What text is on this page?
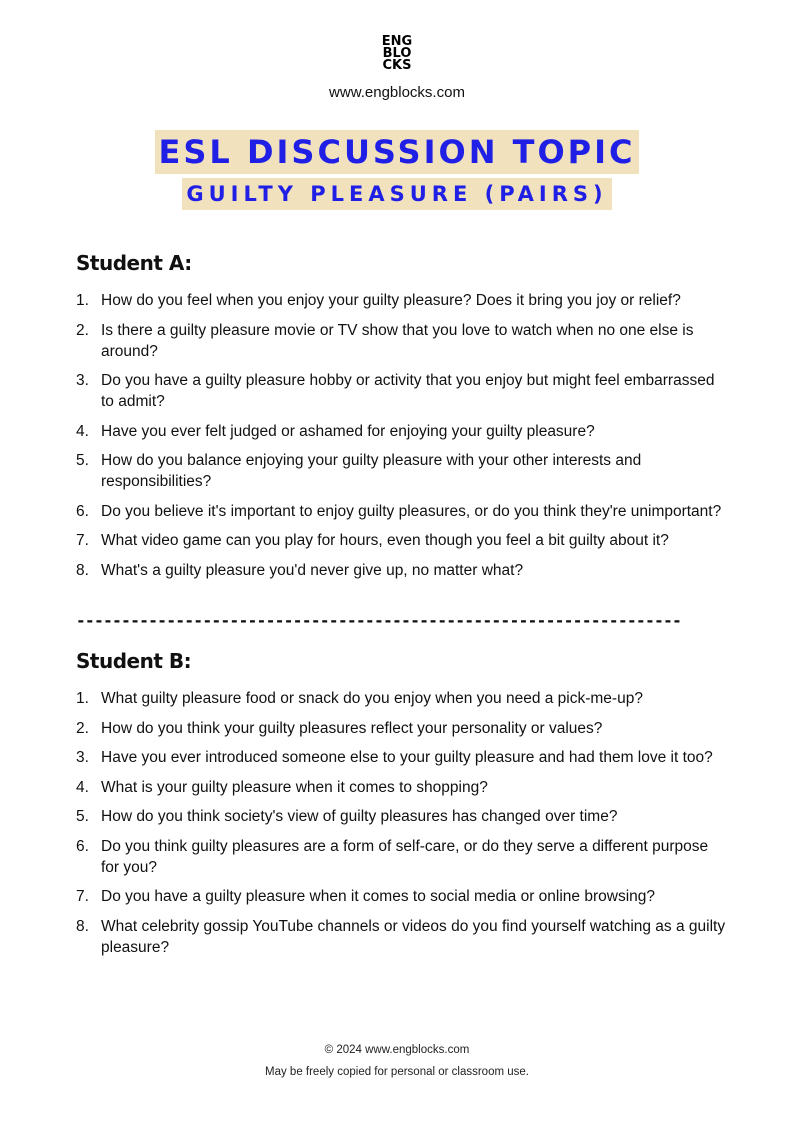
ENG
BLO
CKS
www.engblocks.com
ESL DISCUSSION TOPIC
GUILTY PLEASURE (PAIRS)
Student A:
1. How do you feel when you enjoy your guilty pleasure? Does it bring you joy or relief?
2. Is there a guilty pleasure movie or TV show that you love to watch when no one else is around?
3. Do you have a guilty pleasure hobby or activity that you enjoy but might feel embarrassed to admit?
4. Have you ever felt judged or ashamed for enjoying your guilty pleasure?
5. How do you balance enjoying your guilty pleasure with your other interests and responsibilities?
6. Do you believe it's important to enjoy guilty pleasures, or do you think they're unimportant?
7. What video game can you play for hours, even though you feel a bit guilty about it?
8. What's a guilty pleasure you'd never give up, no matter what?
-------------------------------------------------------------------
Student B:
1. What guilty pleasure food or snack do you enjoy when you need a pick-me-up?
2. How do you think your guilty pleasures reflect your personality or values?
3. Have you ever introduced someone else to your guilty pleasure and had them love it too?
4. What is your guilty pleasure when it comes to shopping?
5. How do you think society's view of guilty pleasures has changed over time?
6. Do you think guilty pleasures are a form of self-care, or do they serve a different purpose for you?
7. Do you have a guilty pleasure when it comes to social media or online browsing?
8. What celebrity gossip YouTube channels or videos do you find yourself watching as a guilty pleasure?
© 2024 www.engblocks.com
May be freely copied for personal or classroom use.
